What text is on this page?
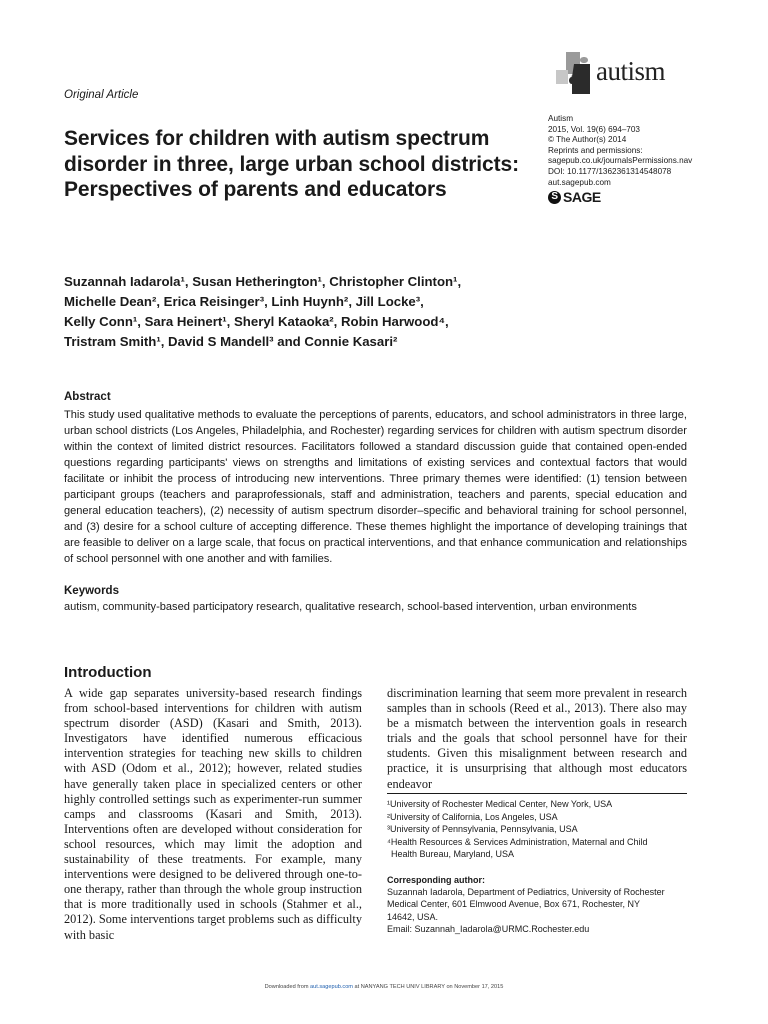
Original Article
autism
Autism
2015, Vol. 19(6) 694–703
© The Author(s) 2014
Reprints and permissions:
sagepub.co.uk/journalsPermissions.nav
DOI: 10.1177/1362361314548078
aut.sagepub.com
S SAGE
Services for children with autism spectrum disorder in three, large urban school districts: Perspectives of parents and educators
Suzannah Iadarola¹, Susan Hetherington¹, Christopher Clinton¹,
Michelle Dean², Erica Reisinger³, Linh Huynh², Jill Locke³,
Kelly Conn¹, Sara Heinert¹, Sheryl Kataoka², Robin Harwood⁴,
Tristram Smith¹, David S Mandell³ and Connie Kasari²
Abstract
This study used qualitative methods to evaluate the perceptions of parents, educators, and school administrators in three large, urban school districts (Los Angeles, Philadelphia, and Rochester) regarding services for children with autism spectrum disorder within the context of limited district resources. Facilitators followed a standard discussion guide that contained open-ended questions regarding participants' views on strengths and limitations of existing services and contextual factors that would facilitate or inhibit the process of introducing new interventions. Three primary themes were identified: (1) tension between participant groups (teachers and paraprofessionals, staff and administration, teachers and parents, special education and general education teachers), (2) necessity of autism spectrum disorder–specific and behavioral training for school personnel, and (3) desire for a school culture of accepting difference. These themes highlight the importance of developing trainings that are feasible to deliver on a large scale, that focus on practical interventions, and that enhance communication and relationships of school personnel with one another and with families.
Keywords
autism, community-based participatory research, qualitative research, school-based intervention, urban environments
Introduction
A wide gap separates university-based research findings from school-based interventions for children with autism spectrum disorder (ASD) (Kasari and Smith, 2013). Investigators have identified numerous efficacious intervention strategies for teaching new skills to children with ASD (Odom et al., 2012); however, related studies have generally taken place in specialized centers or other highly controlled settings such as experimenter-run summer camps and classrooms (Kasari and Smith, 2013). Interventions often are developed without consideration for school resources, which may limit the adoption and sustainability of these treatments. For example, many interventions were designed to be delivered through one-to-one therapy, rather than through the whole group instruction that is more traditionally used in schools (Stahmer et al., 2012). Some interventions target problems such as difficulty with basic
discrimination learning that seem more prevalent in research samples than in schools (Reed et al., 2013). There also may be a mismatch between the intervention goals in research trials and the goals that school personnel have for their students. Given this misalignment between research and practice, it is unsurprising that although most educators endeavor
¹University of Rochester Medical Center, New York, USA
²University of California, Los Angeles, USA
³University of Pennsylvania, Pennsylvania, USA
⁴Health Resources & Services Administration, Maternal and Child
Health Bureau, Maryland, USA
Corresponding author:
Suzannah Iadarola, Department of Pediatrics, University of Rochester
Medical Center, 601 Elmwood Avenue, Box 671, Rochester, NY
14642, USA.
Email: Suzannah_Iadarola@URMC.Rochester.edu
Downloaded from aut.sagepub.com at NANYANG TECH UNIV LIBRARY on November 17, 2015
